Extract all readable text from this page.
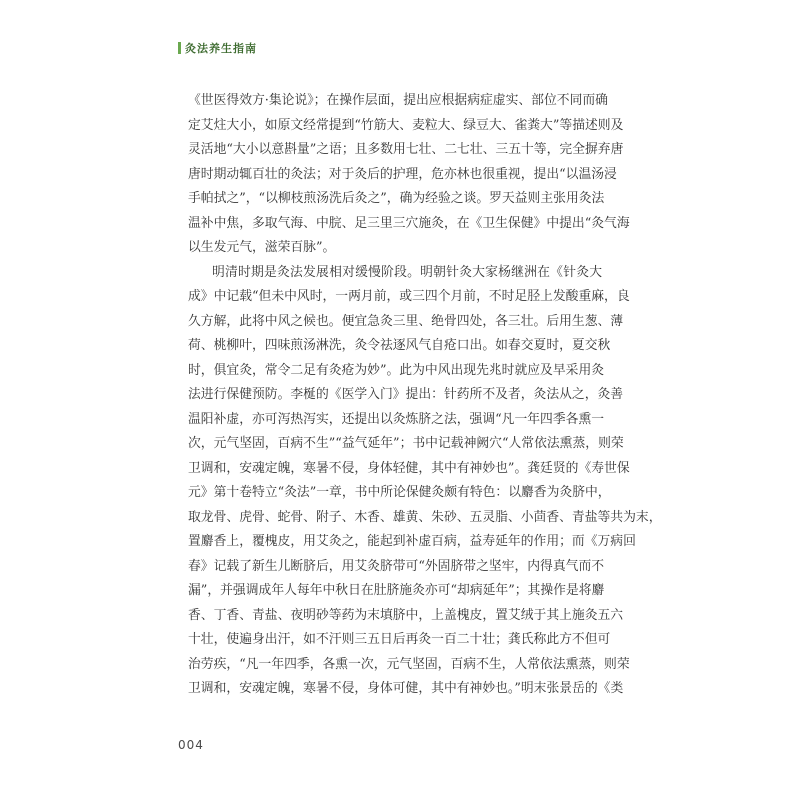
灸法养生指南
《世医得效方·集论说》；在操作层面，提出应根据病症虚实、部位不同而确
定艾炷大小，如原文经常提到“竹筋大、麦粒大、绿豆大、雀粪大”等描述则及
灵活地“大小以意斟量”之语；且多数用七壮、二七壮、三五十等，完全摒弃唐
唐时期动辄百壮的灸法；对于灸后的护理，危亦林也很重视，提出“以温汤浸
手帕拭之”，“以柳枝煎汤洗后灸之”，确为经验之谈。罗天益则主张用灸法
温补中焦，多取气海、中脘、足三里三穴施灸，在《卫生保健》中提出“灸气海
以生发元气，滋荣百脉”。
明清时期是灸法发展相对缓慢阶段。明朝针灸大家杨继洲在《针灸大
成》中记载“但未中风时，一两月前，或三四个月前，不时足胫上发酸重麻，良
久方解，此将中风之候也。便宜急灸三里、绝骨四处，各三壮。后用生葱、薄
荷、桃柳叶，四味煎汤淋洗，灸令祛逐风气自疮口出。如春交夏时，夏交秋
时，俱宜灸，常令二足有灸疮为妙”。此为中风出现先兆时就应及早采用灸
法进行保健预防。李梴的《医学入门》提出：针药所不及者，灸法从之，灸善
温阳补虚，亦可泻热泻实，还提出以灸炼脐之法，强调“凡一年四季各熏一
次，元气坚固，百病不生”“益气延年”；书中记载神阙穴“人常依法熏蒸，则荣
卫调和，安魂定魄，寒暑不侵，身体轻健，其中有神妙也”。龚廷贤的《寿世保
元》第十卷特立“灸法”一章，书中所论保健灸颇有特色：以麝香为灸脐中，
取龙骨、虎骨、蛇骨、附子、木香、雄黄、朱砂、五灵脂、小茴香、青盐等共为末，
置麝香上，覆槐皮，用艾灸之，能起到补虚百病，益寿延年的作用；而《万病回
春》记载了新生儿断脐后，用艾灸脐带可“外固脐带之坚牢，内得真气而不
漏”，并强调成年人每年中秋日在肚脐施灸亦可“却病延年”；其操作是将麝
香、丁香、青盐、夜明砂等药为末填脐中，上盖槐皮，置艾绒于其上施灸五六
十壮，使遍身出汗，如不汗则三五日后再灸一百二十壮；龚氏称此方不但可
治劳疾，“凡一年四季，各熏一次，元气坚固，百病不生，人常依法熏蒸，则荣
卫调和，安魂定魄，寒暑不侵，身体可健，其中有神妙也。”明末张景岳的《类
004
